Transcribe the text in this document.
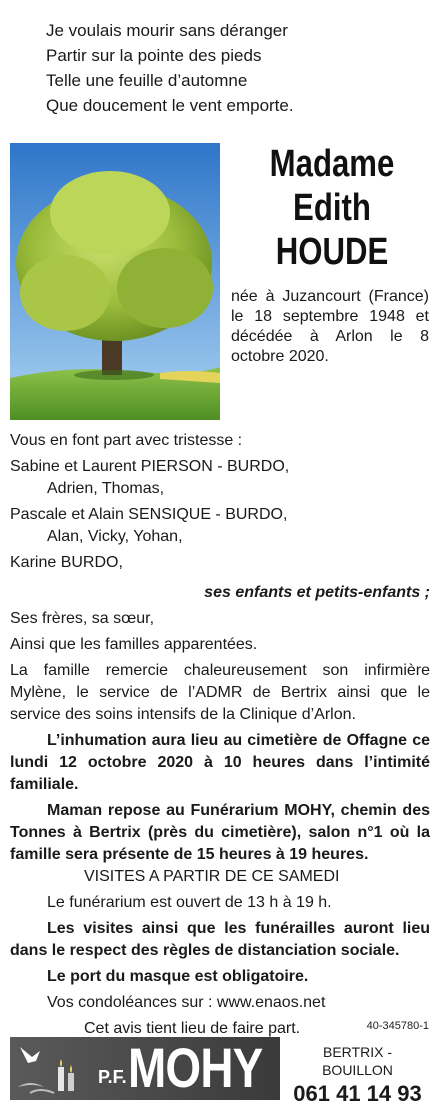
Je voulais mourir sans déranger
Partir sur la pointe des pieds
Telle une feuille d’automne
Que doucement le vent emporte.
Madame
Edith
HOUDE
née à Juzancourt (France) le 18 septembre 1948 et décédée à Arlon le 8 octobre 2020.
Vous en font part avec tristesse :
Sabine et Laurent PIERSON - BURDO,
Adrien, Thomas,
Pascale et Alain SENSIQUE - BURDO,
Alan, Vicky, Yohan,
Karine BURDO,
ses enfants et petits-enfants ;
Ses frères, sa sœur,
Ainsi que les familles apparentées.
La famille remercie chaleureusement son infirmière Mylène, le service de l’ADMR de Bertrix ainsi que le service des soins intensifs de la Clinique d’Arlon.
L’inhumation aura lieu au cimetière de Offagne ce lundi 12 octobre 2020 à 10 heures dans l’intimité familiale.
Maman repose au Funérarium MOHY, chemin des Tonnes à Bertrix (près du cimetière), salon n°1 où la famille sera présente de 15 heures à 19 heures.
VISITES A PARTIR DE CE SAMEDI
Le funérarium est ouvert de 13 h à 19 h.
Les visites ainsi que les funérailles auront lieu dans le respect des règles de distanciation sociale.
Le port du masque est obligatoire.
Vos condoléances sur : www.enaos.net
Cet avis tient lieu de faire part.	40-345780-1
P.F. MOHY	BERTRIX - BOUILLON
061 41 14 93
